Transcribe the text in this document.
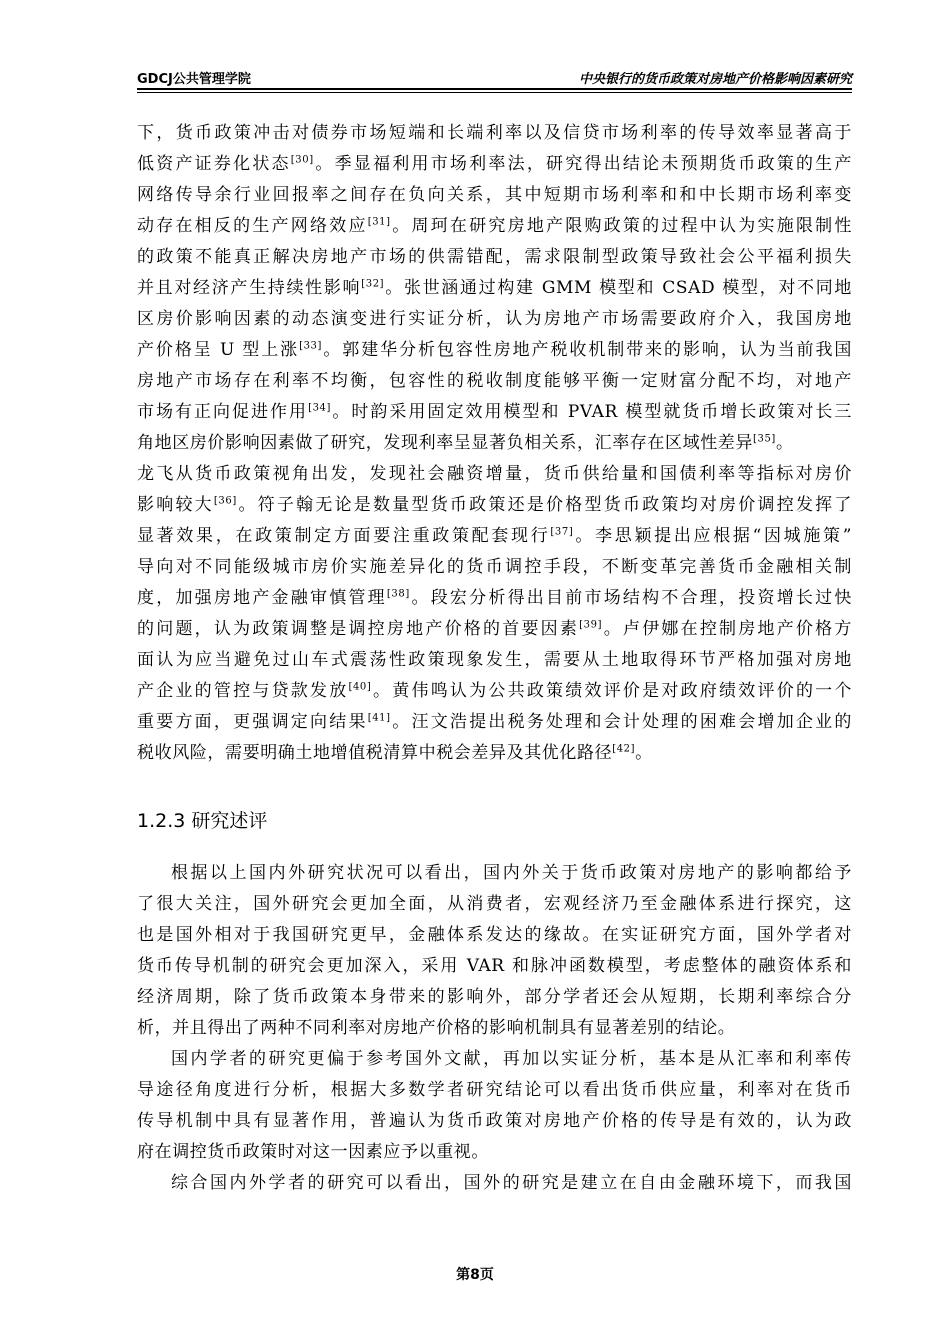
GDCJ公共管理学院	中央银行的货币政策对房地产价格影响因素研究
下，货币政策冲击对债券市场短端和长端利率以及信贷市场利率的传导效率显著高于
低资产证券化状态[30]。季显福利用市场利率法，研究得出结论未预期货币政策的生产
网络传导余行业回报率之间存在负向关系，其中短期市场利率和和中长期市场利率变
动存在相反的生产网络效应[31]。周珂在研究房地产限购政策的过程中认为实施限制性
的政策不能真正解决房地产市场的供需错配，需求限制型政策导致社会公平福利损失
并且对经济产生持续性影响[32]。张世涵通过构建 GMM 模型和 CSAD 模型，对不同地
区房价影响因素的动态演变进行实证分析，认为房地产市场需要政府介入，我国房地
产价格呈 U 型上涨[33]。郭建华分析包容性房地产税收机制带来的影响，认为当前我国
房地产市场存在利率不均衡，包容性的税收制度能够平衡一定财富分配不均，对地产
市场有正向促进作用[34]。时韵采用固定效用模型和 PVAR 模型就货币增长政策对长三
角地区房价影响因素做了研究，发现利率呈显著负相关系，汇率存在区域性差异[35]。
龙飞从货币政策视角出发，发现社会融资增量，货币供给量和国债利率等指标对房价
影响较大[36]。符子翰无论是数量型货币政策还是价格型货币政策均对房价调控发挥了
显著效果，在政策制定方面要注重政策配套现行[37]。李思颖提出应根据“因城施策”
导向对不同能级城市房价实施差异化的货币调控手段，不断变革完善货币金融相关制
度，加强房地产金融审慎管理[38]。段宏分析得出目前市场结构不合理，投资增长过快
的问题，认为政策调整是调控房地产价格的首要因素[39]。卢伊娜在控制房地产价格方
面认为应当避免过山车式震荡性政策现象发生，需要从土地取得环节严格加强对房地
产企业的管控与贷款发放[40]。黄伟鸣认为公共政策绩效评价是对政府绩效评价的一个
重要方面，更强调定向结果[41]。汪文浩提出税务处理和会计处理的困难会增加企业的
税收风险，需要明确土地增值税清算中税会差异及其优化路径[42]。
1.2.3 研究述评
根据以上国内外研究状况可以看出，国内外关于货币政策对房地产的影响都给予
了很大关注，国外研究会更加全面，从消费者，宏观经济乃至金融体系进行探究，这
也是国外相对于我国研究更早，金融体系发达的缘故。在实证研究方面，国外学者对
货币传导机制的研究会更加深入，采用 VAR 和脉冲函数模型，考虑整体的融资体系和
经济周期，除了货币政策本身带来的影响外，部分学者还会从短期，长期利率综合分
析，并且得出了两种不同利率对房地产价格的影响机制具有显著差别的结论。
国内学者的研究更偏于参考国外文献，再加以实证分析，基本是从汇率和利率传
导途径角度进行分析，根据大多数学者研究结论可以看出货币供应量，利率对在货币
传导机制中具有显著作用，普遍认为货币政策对房地产价格的传导是有效的，认为政
府在调控货币政策时对这一因素应予以重视。
综合国内外学者的研究可以看出，国外的研究是建立在自由金融环境下，而我国
第8页
